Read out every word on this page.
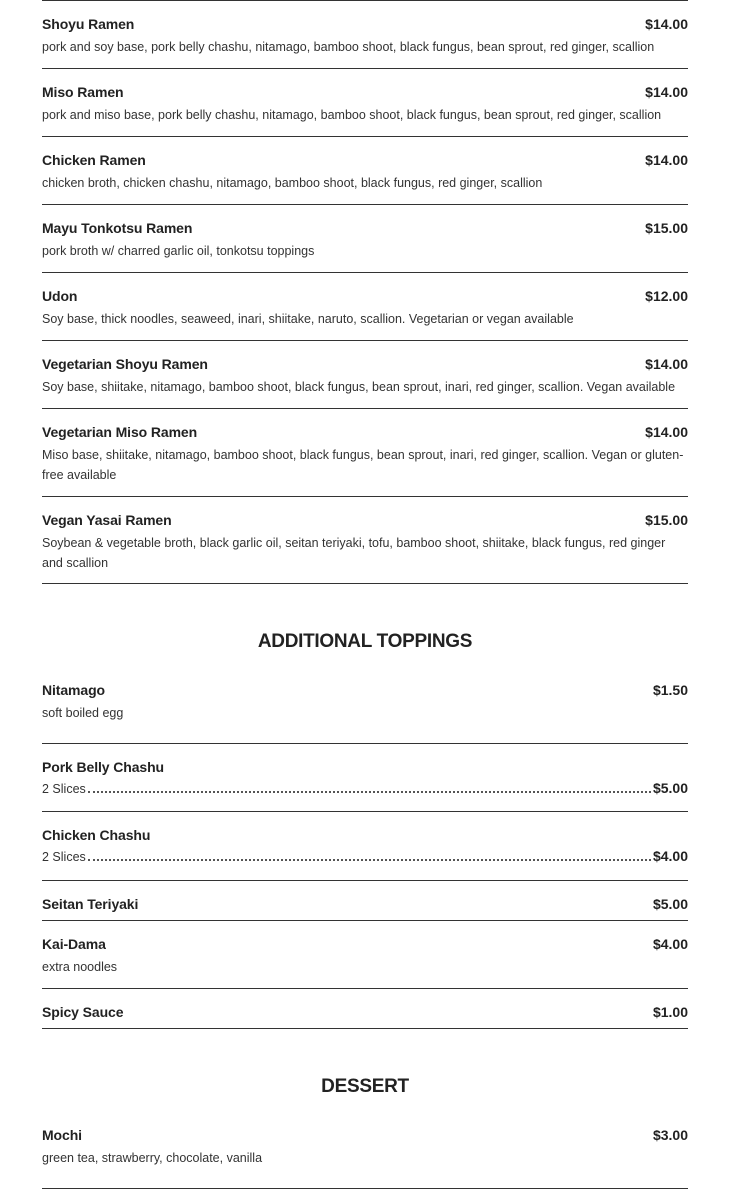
Shoyu Ramen	$14.00
pork and soy base, pork belly chashu, nitamago, bamboo shoot, black fungus, bean sprout, red ginger, scallion
Miso Ramen	$14.00
pork and miso base, pork belly chashu, nitamago, bamboo shoot, black fungus, bean sprout, red ginger, scallion
Chicken Ramen	$14.00
chicken broth, chicken chashu, nitamago, bamboo shoot, black fungus, red ginger, scallion
Mayu Tonkotsu Ramen	$15.00
pork broth w/ charred garlic oil, tonkotsu toppings
Udon	$12.00
Soy base, thick noodles, seaweed, inari, shiitake, naruto, scallion. Vegetarian or vegan available
Vegetarian Shoyu Ramen	$14.00
Soy base, shiitake, nitamago, bamboo shoot, black fungus, bean sprout, inari, red ginger, scallion. Vegan available
Vegetarian Miso Ramen	$14.00
Miso base, shiitake, nitamago, bamboo shoot, black fungus, bean sprout, inari, red ginger, scallion. Vegan or gluten-free available
Vegan Yasai Ramen	$15.00
Soybean & vegetable broth, black garlic oil, seitan teriyaki, tofu, bamboo shoot, shiitake, black fungus, red ginger and scallion
ADDITIONAL TOPPINGS
Nitamago	$1.50
soft boiled egg
Pork Belly Chashu
2 Slices	$5.00
Chicken Chashu
2 Slices	$4.00
Seitan Teriyaki	$5.00
Kai-Dama	$4.00
extra noodles
Spicy Sauce	$1.00
DESSERT
Mochi	$3.00
green tea, strawberry, chocolate, vanilla
